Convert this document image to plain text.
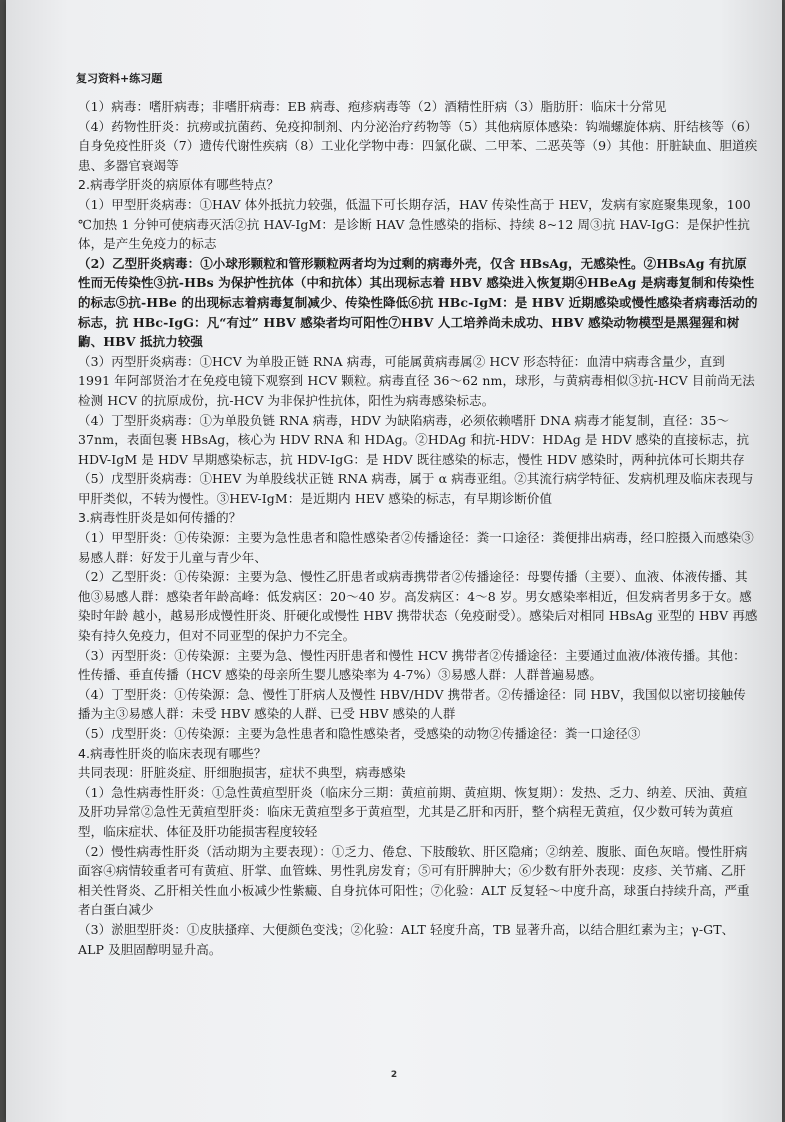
复习资料+练习题

（1）病毒：嗜肝病毒；非嗜肝病毒：EB 病毒、疱疹病毒等（2）酒精性肝病（3）脂肪肝：临床十分常见

（4）药物性肝炎：抗痨或抗菌药、免疫抑制剂、内分泌治疗药物等（5）其他病原体感染：钩端螺旋体病、肝结核等（6）自身免疫性肝炎（7）遗传代谢性疾病（8）工业化学物中毒：四氯化碳、二甲苯、二恶英等（9）其他：肝脏缺血、胆道疾患、多器官衰竭等

2.病毒学肝炎的病原体有哪些特点？

（1）甲型肝炎病毒：①HAV 体外抵抗力较强，低温下可长期存活，HAV 传染性高于 HEV，发病有家庭聚集现象，100 ℃加热 1 分钟可使病毒灭活②抗 HAV-IgM：是诊断 HAV 急性感染的指标、持续 8~12 周③抗 HAV-IgG：是保护性抗体，是产生免疫力的标志

（2）乙型肝炎病毒：①小球形颗粒和管形颗粒两者均为过剩的病毒外壳，仅含 HBsAg，无感染性。②HBsAg 有抗原性而无传染性③抗-HBs 为保护性抗体（中和抗体）其出现标志着 HBV 感染进入恢复期④HBeAg 是病毒复制和传染性的标志⑤抗-HBe 的出现标志着病毒复制减少、传染性降低⑥抗 HBc-IgM：是 HBV 近期感染或慢性感染者病毒活动的标志，抗 HBc-IgG：凡“有过” HBV 感染者均可阳性⑦HBV 人工培养尚未成功、HBV 感染动物模型是黑猩猩和树鼩、HBV 抵抗力较强

（3）丙型肝炎病毒：①HCV 为单股正链 RNA 病毒，可能属黄病毒属② HCV 形态特征：血清中病毒含量少，直到 1991 年阿部贤治才在免疫电镜下观察到 HCV 颗粒。病毒直径 36～62 nm，球形，与黄病毒相似③抗-HCV 目前尚无法检测 HCV 的抗原成份，抗-HCV 为非保护性抗体，阳性为病毒感染标志。

（4）丁型肝炎病毒：①为单股负链 RNA 病毒，HDV 为缺陷病毒，必须依赖嗜肝 DNA 病毒才能复制，直径：35～37nm，表面包裹 HBsAg，核心为 HDV RNA 和 HDAg。②HDAg 和抗-HDV：HDAg 是 HDV 感染的直接标志，抗 HDV-IgM 是 HDV 早期感染标志，抗 HDV-IgG：是 HDV 既往感染的标志，慢性 HDV 感染时，两种抗体可长期共存

（5）戊型肝炎病毒：①HEV 为单股线状正链 RNA 病毒，属于 α 病毒亚组。②其流行病学特征、发病机理及临床表现与甲肝类似，不转为慢性。③HEV-IgM：是近期内 HEV 感染的标志，有早期诊断价值

3.病毒性肝炎是如何传播的？

（1）甲型肝炎：①传染源：主要为急性患者和隐性感染者②传播途径：粪一口途径：粪便排出病毒，经口腔摄入而感染③易感人群：好发于儿童与青少年、

（2）乙型肝炎：①传染源：主要为急、慢性乙肝患者或病毒携带者②传播途径：母婴传播（主要）、血液、体液传播、其他③易感人群：感染者年龄高峰：低发病区：20～40 岁。高发病区：4～8 岁。男女感染率相近，但发病者男多于女。感染时年龄 越小，越易形成慢性肝炎、肝硬化或慢性 HBV 携带状态（免疫耐受）。感染后对相同 HBsAg 亚型的 HBV 再感染有持久免疫力，但对不同亚型的保护力不完全。

（3）丙型肝炎：①传染源：主要为急、慢性丙肝患者和慢性 HCV 携带者②传播途径：主要通过血液/体液传播。其他：性传播、垂直传播（HCV 感染的母亲所生婴儿感染率为 4-7%）③易感人群：人群普遍易感。

（4）丁型肝炎：①传染源：急、慢性丁肝病人及慢性 HBV/HDV 携带者。②传播途径：同 HBV，我国似以密切接触传播为主③易感人群：未受 HBV 感染的人群、已受 HBV 感染的人群

（5）戊型肝炎：①传染源：主要为急性患者和隐性感染者，受感染的动物②传播途径：粪一口途径③

4.病毒性肝炎的临床表现有哪些？

共同表现：肝脏炎症、肝细胞损害，症状不典型，病毒感染

（1）急性病毒性肝炎：①急性黄疸型肝炎（临床分三期：黄疸前期、黄疸期、恢复期）：发热、乏力、纳差、厌油、黄疸及肝功异常②急性无黄疸型肝炎：临床无黄疸型多于黄疸型，尤其是乙肝和丙肝，整个病程无黄疸，仅少数可转为黄疸型，临床症状、体征及肝功能损害程度较轻

（2）慢性病毒性肝炎（活动期为主要表现）：①乏力、倦怠、下肢酸软、肝区隐痛；②纳差、腹胀、面色灰暗。慢性肝病面容④病情较重者可有黄疸、肝掌、血管蛛、男性乳房发育；⑤可有肝脾肿大；⑥少数有肝外表现：皮疹、关节痛、乙肝相关性肾炎、乙肝相关性血小板减少性紫癜、自身抗体可阳性；⑦化验：ALT 反复轻～中度升高，球蛋白持续升高，严重者白蛋白减少

（3）淤胆型肝炎：①皮肤搔痒、大便颜色变浅；②化验：ALT 轻度升高，TB 显著升高，以结合胆红素为主；γ-GT、ALP 及胆固醇明显升高。

2
